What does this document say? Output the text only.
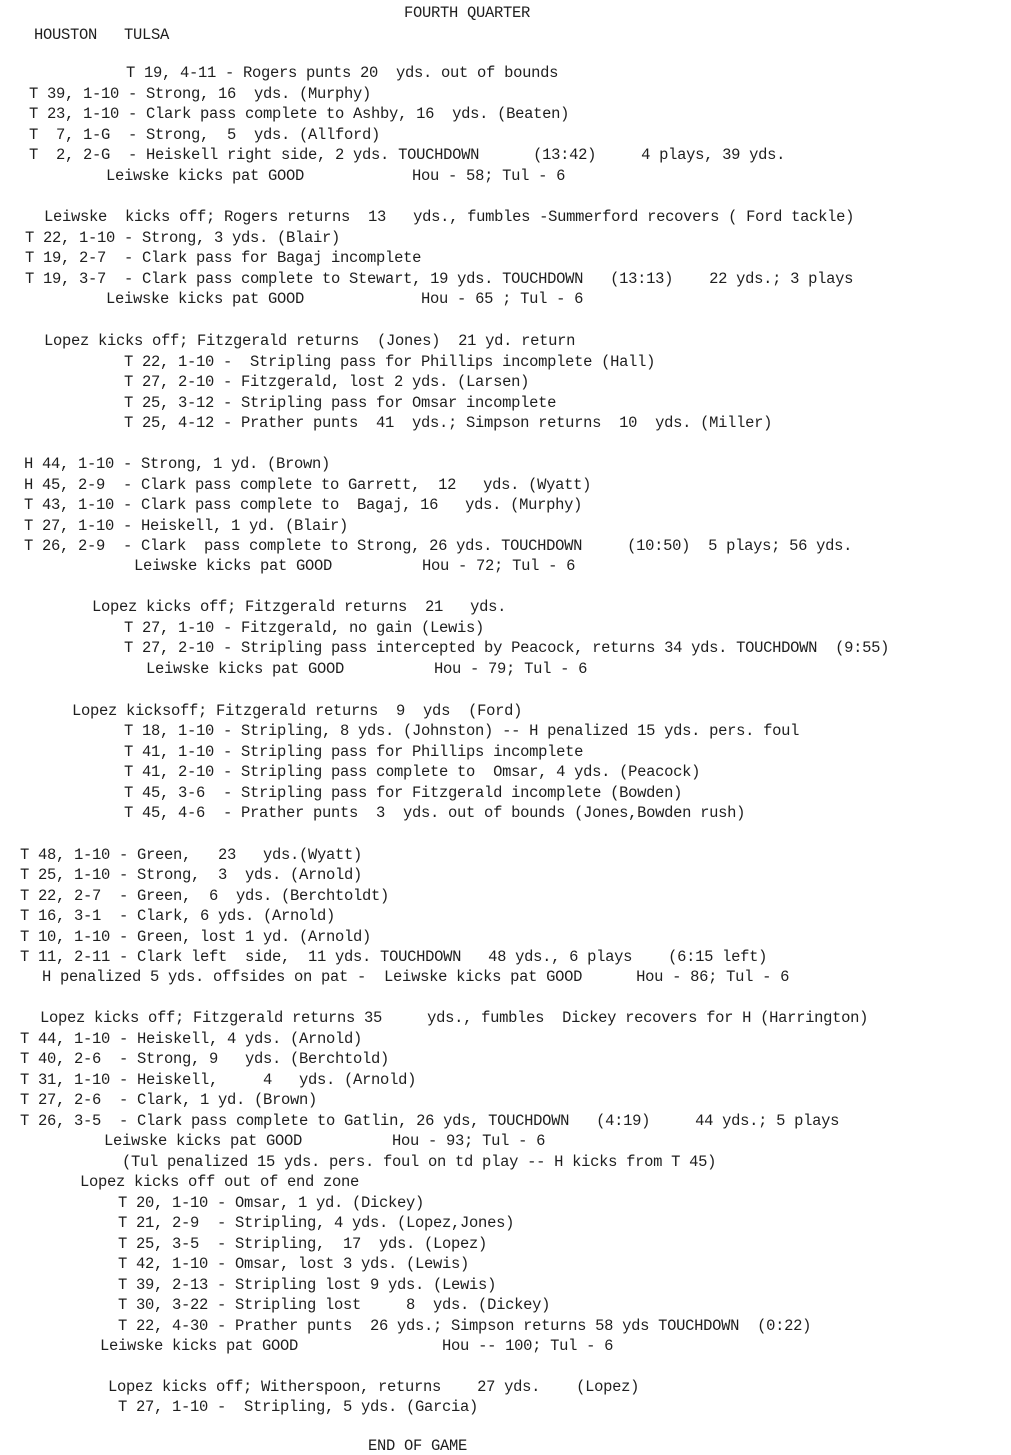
FOURTH QUARTER
HOUSTON   TULSA
T 19, 4-11 - Rogers punts 20  yds. out of bounds
T 39, 1-10 - Strong, 16  yds. (Murphy)
T 23, 1-10 - Clark pass complete to Ashby, 16  yds. (Beaten)
T  7, 1-G  - Strong,  5  yds. (Allford)
T  2, 2-G  - Heiskell right side, 2 yds. TOUCHDOWN      (13:42)     4 plays, 39 yds.
Leiwske kicks pat GOOD            Hou - 58; Tul - 6
Leiwske  kicks off; Rogers returns  13   yds., fumbles -Summerford recovers ( Ford tackle)
T 22, 1-10 - Strong, 3 yds. (Blair)
T 19, 2-7  - Clark pass for Bagaj incomplete
T 19, 3-7  - Clark pass complete to Stewart, 19 yds. TOUCHDOWN   (13:13)    22 yds.; 3 plays
Leiwske kicks pat GOOD             Hou - 65 ; Tul - 6
Lopez kicks off; Fitzgerald returns  (Jones)  21 yd. return
T 22, 1-10 -  Stripling pass for Phillips incomplete (Hall)
T 27, 2-10 - Fitzgerald, lost 2 yds. (Larsen)
T 25, 3-12 - Stripling pass for Omsar incomplete
T 25, 4-12 - Prather punts  41  yds.; Simpson returns  10  yds. (Miller)
H 44, 1-10 - Strong, 1 yd. (Brown)
H 45, 2-9  - Clark pass complete to Garrett,  12   yds. (Wyatt)
T 43, 1-10 - Clark pass complete to  Bagaj, 16   yds. (Murphy)
T 27, 1-10 - Heiskell, 1 yd. (Blair)
T 26, 2-9  - Clark  pass complete to Strong, 26 yds. TOUCHDOWN     (10:50)  5 plays; 56 yds.
Leiwske kicks pat GOOD          Hou - 72; Tul - 6
Lopez kicks off; Fitzgerald returns  21   yds.
T 27, 1-10 - Fitzgerald, no gain (Lewis)
T 27, 2-10 - Stripling pass intercepted by Peacock, returns 34 yds. TOUCHDOWN  (9:55)
Leiwske kicks pat GOOD          Hou - 79; Tul - 6
Lopez kicksoff; Fitzgerald returns  9  yds  (Ford)
T 18, 1-10 - Stripling, 8 yds. (Johnston) -- H penalized 15 yds. pers. foul
T 41, 1-10 - Stripling pass for Phillips incomplete
T 41, 2-10 - Stripling pass complete to  Omsar, 4 yds. (Peacock)
T 45, 3-6  - Stripling pass for Fitzgerald incomplete (Bowden)
T 45, 4-6  - Prather punts  3  yds. out of bounds (Jones,Bowden rush)
T 48, 1-10 - Green,   23   yds.(Wyatt)
T 25, 1-10 - Strong,  3  yds. (Arnold)
T 22, 2-7  - Green,  6  yds. (Berchtoldt)
T 16, 3-1  - Clark, 6 yds. (Arnold)
T 10, 1-10 - Green, lost 1 yd. (Arnold)
T 11, 2-11 - Clark left  side,  11 yds. TOUCHDOWN   48 yds., 6 plays    (6:15 left)
H penalized 5 yds. offsides on pat -  Leiwske kicks pat GOOD      Hou - 86; Tul - 6
Lopez kicks off; Fitzgerald returns 35     yds., fumbles  Dickey recovers for H (Harrington)
T 44, 1-10 - Heiskell, 4 yds. (Arnold)
T 40, 2-6  - Strong, 9   yds. (Berchtold)
T 31, 1-10 - Heiskell,     4   yds. (Arnold)
T 27, 2-6  - Clark, 1 yd. (Brown)
T 26, 3-5  - Clark pass complete to Gatlin, 26 yds, TOUCHDOWN   (4:19)     44 yds.; 5 plays
Leiwske kicks pat GOOD          Hou - 93; Tul - 6
(Tul penalized 15 yds. pers. foul on td play -- H kicks from T 45)
Lopez kicks off out of end zone
T 20, 1-10 - Omsar, 1 yd. (Dickey)
T 21, 2-9  - Stripling, 4 yds. (Lopez,Jones)
T 25, 3-5  - Stripling,  17  yds. (Lopez)
T 42, 1-10 - Omsar, lost 3 yds. (Lewis)
T 39, 2-13 - Stripling lost 9 yds. (Lewis)
T 30, 3-22 - Stripling lost     8  yds. (Dickey)
T 22, 4-30 - Prather punts  26 yds.; Simpson returns 58 yds TOUCHDOWN  (0:22)
Leiwske kicks pat GOOD                Hou -- 100; Tul - 6
Lopez kicks off; Witherspoon, returns    27 yds.    (Lopez)
T 27, 1-10 -  Stripling, 5 yds. (Garcia)
END OF GAME
